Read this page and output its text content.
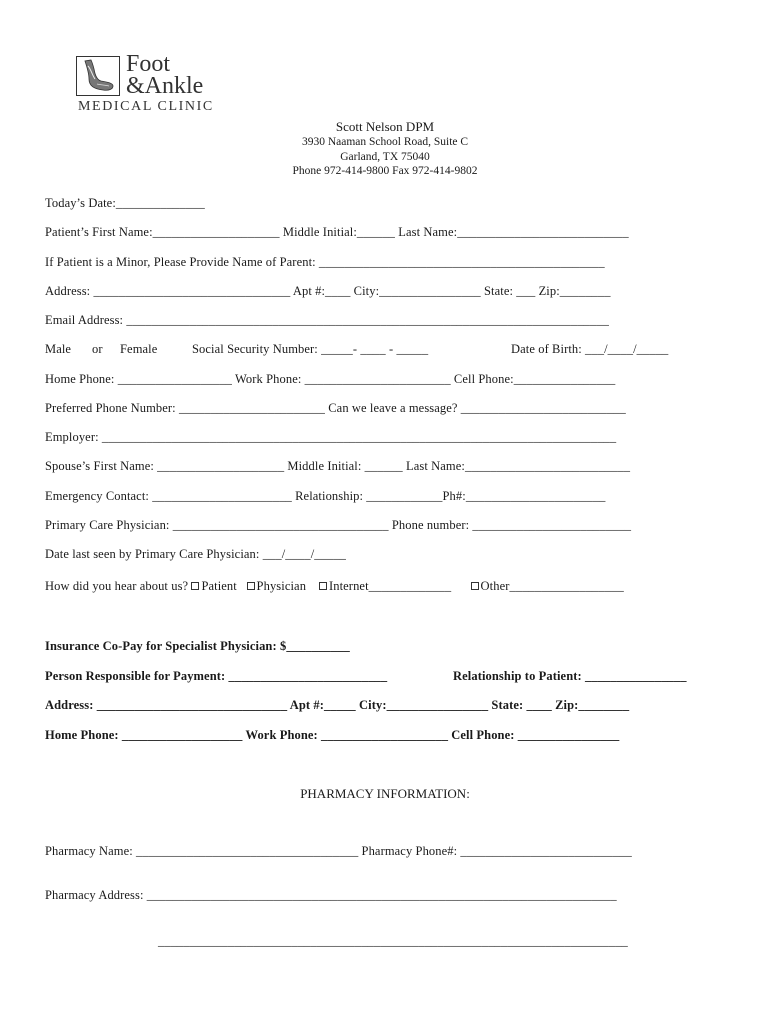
Foot
&Ankle
MEDICAL CLINIC
Scott Nelson DPM
3930 Naaman School Road, Suite C
Garland, TX 75040
Phone 972-414-9800 Fax 972-414-9802
Today’s Date:______________
Patient’s First Name:____________________ Middle Initial:______ Last Name:___________________________
If Patient is a Minor, Please Provide Name of Parent: _____________________________________________
Address: _______________________________ Apt #:____ City:________________ State: ___ Zip:________
Email Address: ____________________________________________________________________________
Male or Female	Social Security Number: _____- ____ - _____	Date of Birth: ___/____/_____
Home Phone: __________________ Work Phone: _______________________ Cell Phone:________________
Preferred Phone Number: _______________________ Can we leave a message? __________________________
Employer: _________________________________________________________________________________
Spouse’s First Name: ____________________ Middle Initial: ______ Last Name:__________________________
Emergency Contact: ______________________ Relationship: ____________Ph#:______________________
Primary Care Physician: __________________________________ Phone number: _________________________
Date last seen by Primary Care Physician: ___/____/_____
How did you hear about us? Patient Physician Internet_____________ Other__________________
Insurance Co-Pay for Specialist Physician: $__________
Person Responsible for Payment: _________________________	Relationship to Patient: ________________
Address: ______________________________ Apt #:_____ City:________________ State: ____ Zip:________
Home Phone: ___________________ Work Phone: ____________________ Cell Phone: ________________
PHARMACY INFORMATION:
Pharmacy Name: ___________________________________ Pharmacy Phone#: ___________________________
Pharmacy Address: __________________________________________________________________________
__________________________________________________________________________
